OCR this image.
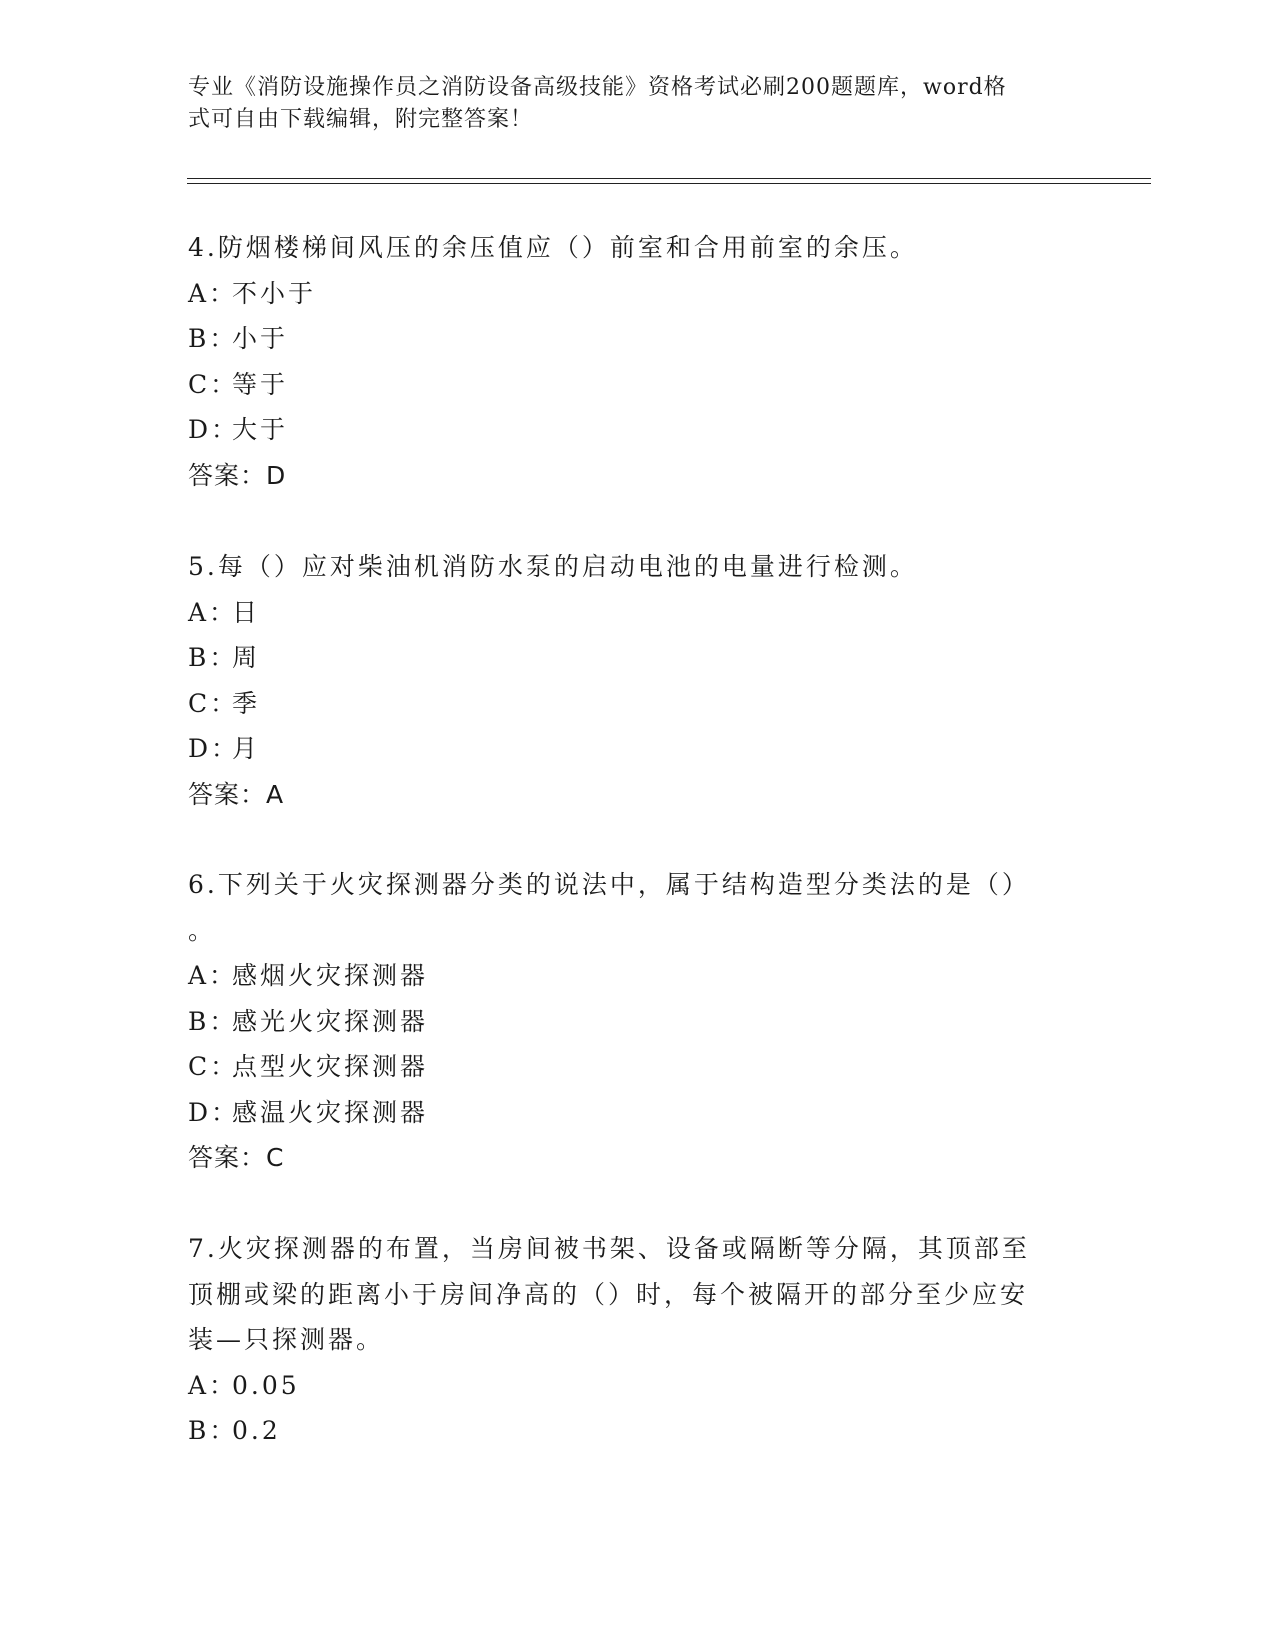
专业《消防设施操作员之消防设备高级技能》资格考试必刷200题题库，word格
式可自由下载编辑，附完整答案！
4.防烟楼梯间风压的余压值应（）前室和合用前室的余压。
A：不小于
B：小于
C：等于
D：大于
答案：D
5.每（）应对柴油机消防水泵的启动电池的电量进行检测。
A：日
B：周
C：季
D：月
答案：A
6.下列关于火灾探测器分类的说法中，属于结构造型分类法的是（）
。
A：感烟火灾探测器
B：感光火灾探测器
C：点型火灾探测器
D：感温火灾探测器
答案：C
7.火灾探测器的布置，当房间被书架、设备或隔断等分隔，其顶部至
顶棚或梁的距离小于房间净高的（）时，每个被隔开的部分至少应安
装—只探测器。
A：0.05
B：0.2
